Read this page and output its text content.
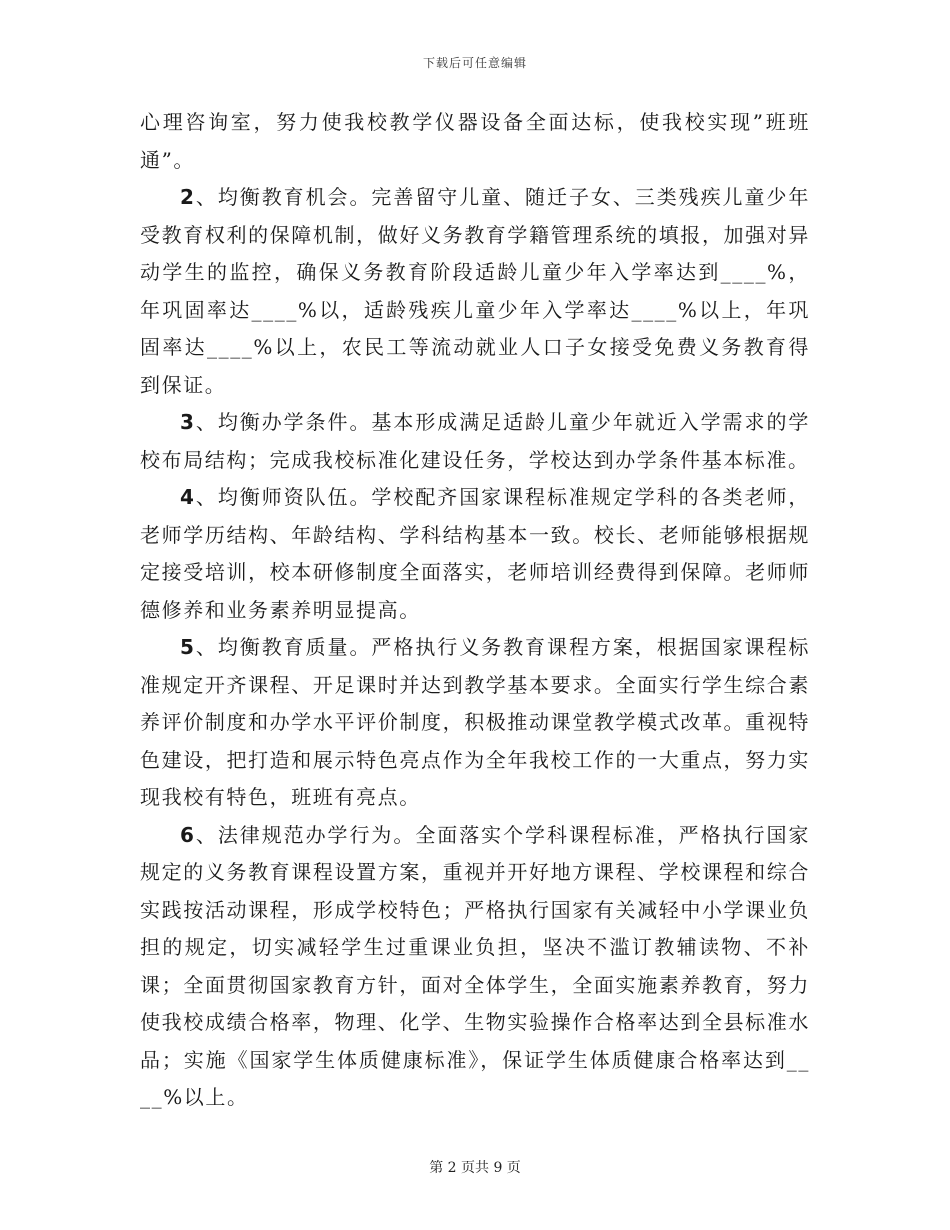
下载后可任意编辑

心理咨询室，努力使我校教学仪器设备全面达标，使我校实现”班班通”。

2、均衡教育机会。完善留守儿童、随迁子女、三类残疾儿童少年受教育权利的保障机制，做好义务教育学籍管理系统的填报，加强对异动学生的监控，确保义务教育阶段适龄儿童少年入学率达到____%，年巩固率达____%以，适龄残疾儿童少年入学率达____%以上，年巩固率达____%以上，农民工等流动就业人口子女接受免费义务教育得到保证。

3、均衡办学条件。基本形成满足适龄儿童少年就近入学需求的学校布局结构；完成我校标准化建设任务，学校达到办学条件基本标准。

4、均衡师资队伍。学校配齐国家课程标准规定学科的各类老师，老师学历结构、年龄结构、学科结构基本一致。校长、老师能够根据规定接受培训，校本研修制度全面落实，老师培训经费得到保障。老师师德修养和业务素养明显提高。

5、均衡教育质量。严格执行义务教育课程方案，根据国家课程标准规定开齐课程、开足课时并达到教学基本要求。全面实行学生综合素养评价制度和办学水平评价制度，积极推动课堂教学模式改革。重视特色建设，把打造和展示特色亮点作为全年我校工作的一大重点，努力实现我校有特色，班班有亮点。

6、法律规范办学行为。全面落实个学科课程标准，严格执行国家规定的义务教育课程设置方案，重视并开好地方课程、学校课程和综合实践按活动课程，形成学校特色；严格执行国家有关减轻中小学课业负担的规定，切实减轻学生过重课业负担，坚决不滥订教辅读物、不补课；全面贯彻国家教育方针，面对全体学生，全面实施素养教育，努力使我校成绩合格率，物理、化学、生物实验操作合格率达到全县标准水品；实施《国家学生体质健康标准》，保证学生体质健康合格率达到____%以上。

第 2 页共 9 页
